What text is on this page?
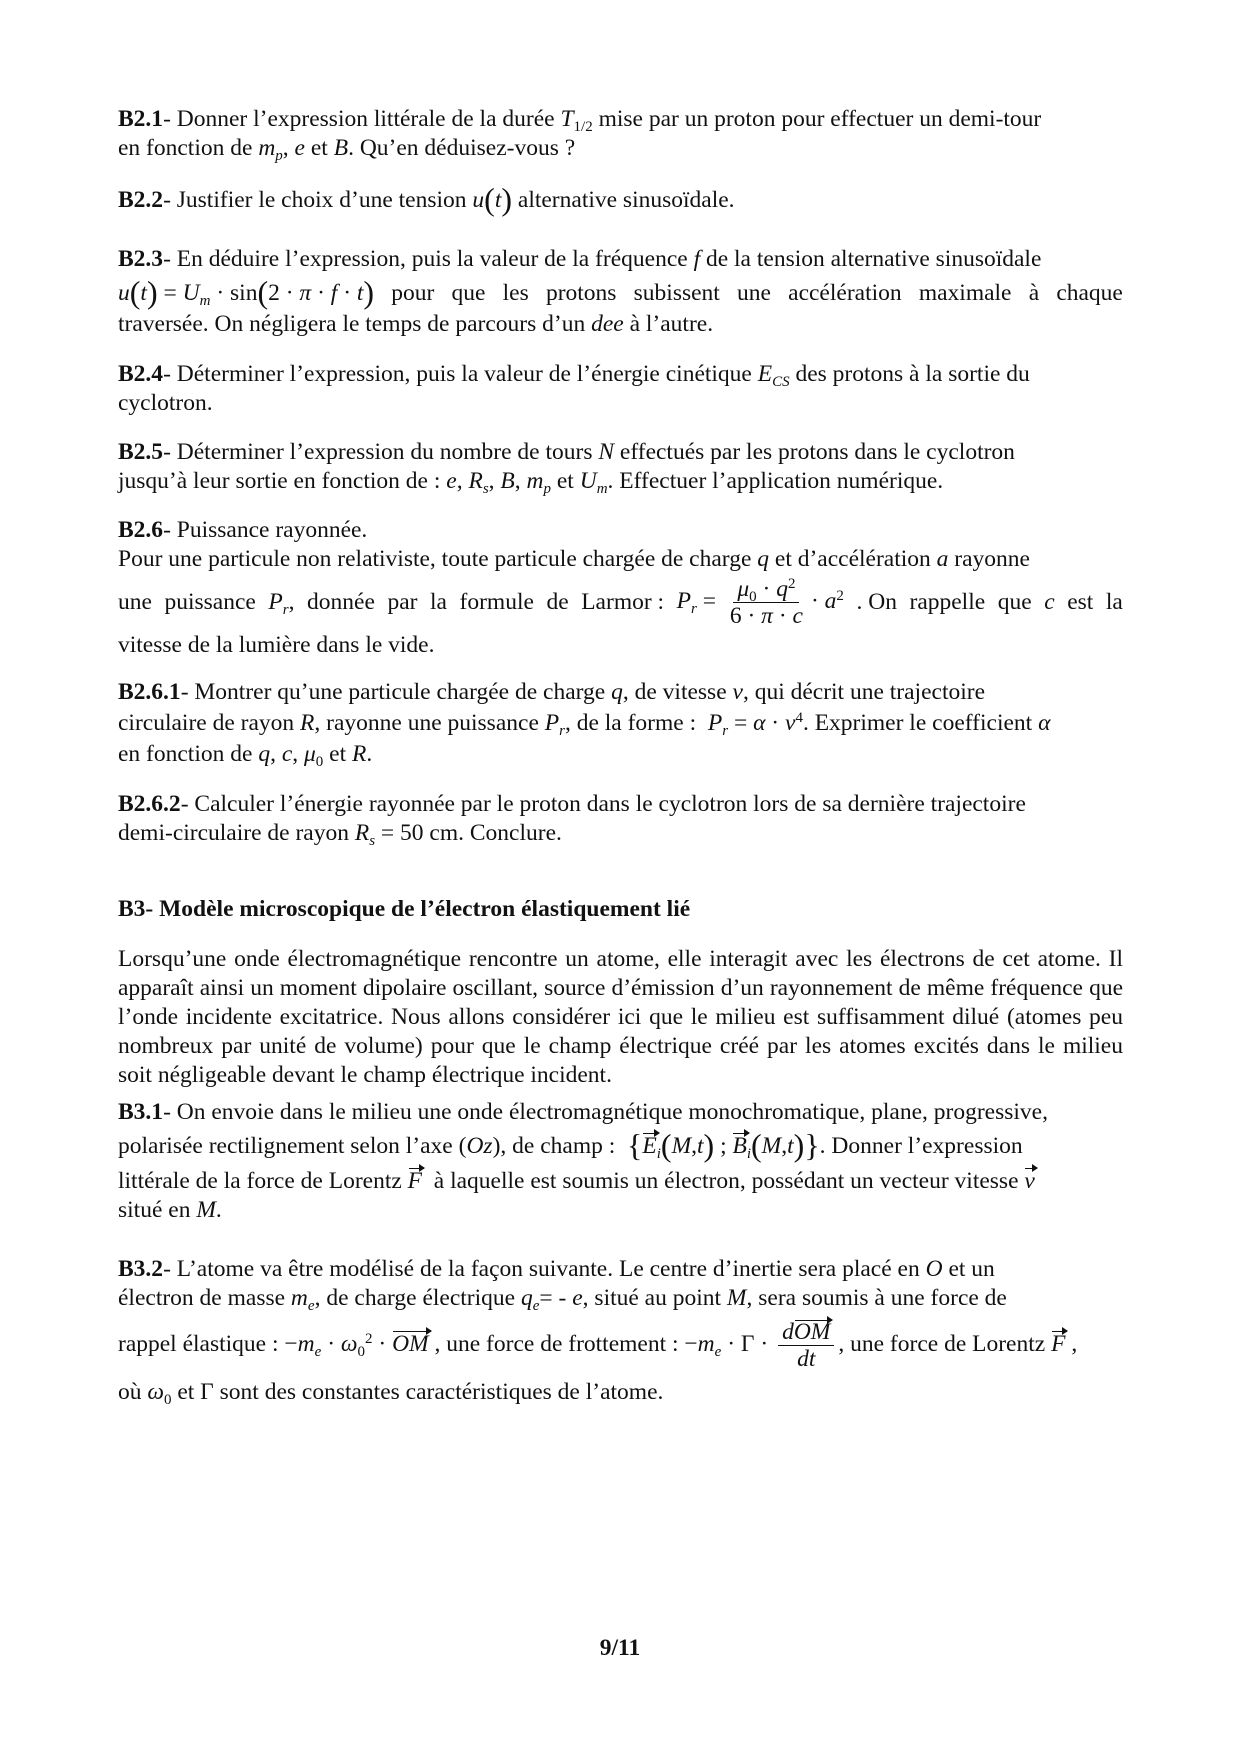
B2.1- Donner l’expression littérale de la durée $T_{1/2}$ mise par un proton pour effectuer un demi-tour
en fonction de $m_p$, e et B. Qu’en déduisez-vous ?

B2.2- Justifier le choix d’une tension u(t) alternative sinusoïdale.

B2.3- En déduire l’expression, puis la valeur de la fréquence f de la tension alternative sinusoïdale
$u(t) = U_m \cdot \sin(2 \cdot \pi \cdot f \cdot t)$ pour que les protons subissent une accélération maximale à chaque
traversée. On négligera le temps de parcours d’un dee à l’autre.

B2.4- Déterminer l’expression, puis la valeur de l’énergie cinétique $E_{CS}$ des protons à la sortie du
cyclotron.

B2.5- Déterminer l’expression du nombre de tours N effectués par les protons dans le cyclotron
jusqu’à leur sortie en fonction de : e, $R_s$, B, $m_p$ et $U_m$. Effectuer l’application numérique.

B2.6- Puissance rayonnée.
Pour une particule non relativiste, toute particule chargée de charge q et d’accélération a rayonne
une puissance $P_r$, donnée par la formule de Larmor : $P_r = \frac{\mu_0 \cdot q^2}{6 \cdot \pi \cdot c} \cdot a^2$ . On rappelle que c est la
vitesse de la lumière dans le vide.
B2.6.1- Montrer qu’une particule chargée de charge q, de vitesse v, qui décrit une trajectoire
circulaire de rayon R, rayonne une puissance $P_r$, de la forme :  $P_r = \alpha \cdot v^4$. Exprimer le coefficient α
en fonction de q, c, $\mu_0$ et R.

B2.6.2- Calculer l’énergie rayonnée par le proton dans le cyclotron lors de sa dernière trajectoire
demi-circulaire de rayon $R_s = 50$ cm. Conclure.

B3- Modèle microscopique de l’électron élastiquement lié

Lorsqu’une onde électromagnétique rencontre un atome, elle interagit avec les électrons de cet atome. Il apparaît ainsi un moment dipolaire oscillant, source d’émission d’un rayonnement de même fréquence que l’onde incidente excitatrice. Nous allons considérer ici que le milieu est suffisamment dilué (atomes peu nombreux par unité de volume) pour que le champ électrique créé par les atomes excités dans le milieu soit négligeable devant le champ électrique incident.

B3.1- On envoie dans le milieu une onde électromagnétique monochromatique, plane, progressive,
polarisée rectilignement selon l’axe (Oz), de champ :  {$E_i(M,t)$ ; $B_i(M,t)$}. Donner l’expression
littérale de la force de Lorentz F  à laquelle est soumis un électron, possédant un vecteur vitesse v
situé en M.
B3.2- L’atome va être modélisé de la façon suivante. Le centre d’inertie sera placé en O et un
électron de masse $m_e$, de charge électrique $q_e= - e$, situé au point M, sera soumis à une force de
rappel élastique : $-m_e \cdot \omega_0^2$ · OM , une force de frottement : $-m_e \cdot \Gamma \cdot \frac{\text{dOM}}{dt}$ , une force de Lorentz F ,
où $\omega_0$ et Γ sont des constantes caractéristiques de l’atome.
9/11
